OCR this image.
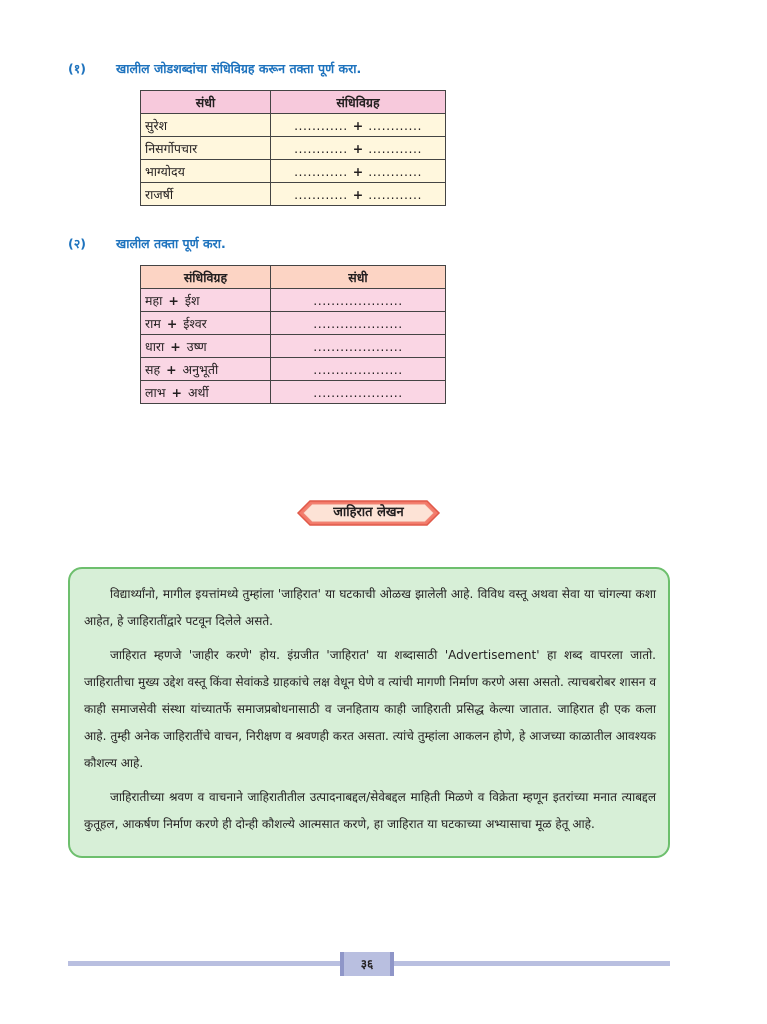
(१) खालील जोडशब्दांचा संधिविग्रह करून तक्ता पूर्ण करा.
संधी	संधिविग्रह
सुरेश	............ + ............
निसर्गोपचार	............ + ............
भाग्योदय	............ + ............
राजर्षी	............ + ............
(२) खालील तक्ता पूर्ण करा.
संधिविग्रह	संधी
महा + ईश	....................
राम + ईश्वर	....................
धारा + उष्ण	....................
सह + अनुभूती	....................
लाभ + अर्थी	....................
जाहिरात लेखन

विद्यार्थ्यांनो, मागील इयत्तांमध्ये तुम्हांला 'जाहिरात' या घटकाची ओळख झालेली आहे. विविध वस्तू अथवा सेवा या चांगल्या कशा आहेत, हे जाहिरातींद्वारे पटवून दिलेले असते.

जाहिरात म्हणजे 'जाहीर करणे' होय. इंग्रजीत 'जाहिरात' या शब्दासाठी 'Advertisement' हा शब्द वापरला जातो. जाहिरातीचा मुख्य उद्देश वस्तू किंवा सेवांकडे ग्राहकांचे लक्ष वेधून घेणे व त्यांची मागणी निर्माण करणे असा असतो. त्याचबरोबर शासन व काही समाजसेवी संस्था यांच्यातर्फे समाजप्रबोधनासाठी व जनहिताय काही जाहिराती प्रसिद्ध केल्या जातात. जाहिरात ही एक कला आहे. तुम्ही अनेक जाहिरातींचे वाचन, निरीक्षण व श्रवणही करत असता. त्यांचे तुम्हांला आकलन होणे, हे आजच्या काळातील आवश्यक कौशल्य आहे.

जाहिरातीच्या श्रवण व वाचनाने जाहिरातीतील उत्पादनाबद्दल/सेवेबद्दल माहिती मिळणे व विक्रेता म्हणून इतरांच्या मनात त्याबद्दल कुतूहल, आकर्षण निर्माण करणे ही दोन्ही कौशल्ये आत्मसात करणे, हा जाहिरात या घटकाच्या अभ्यासाचा मूळ हेतू आहे.

३६
